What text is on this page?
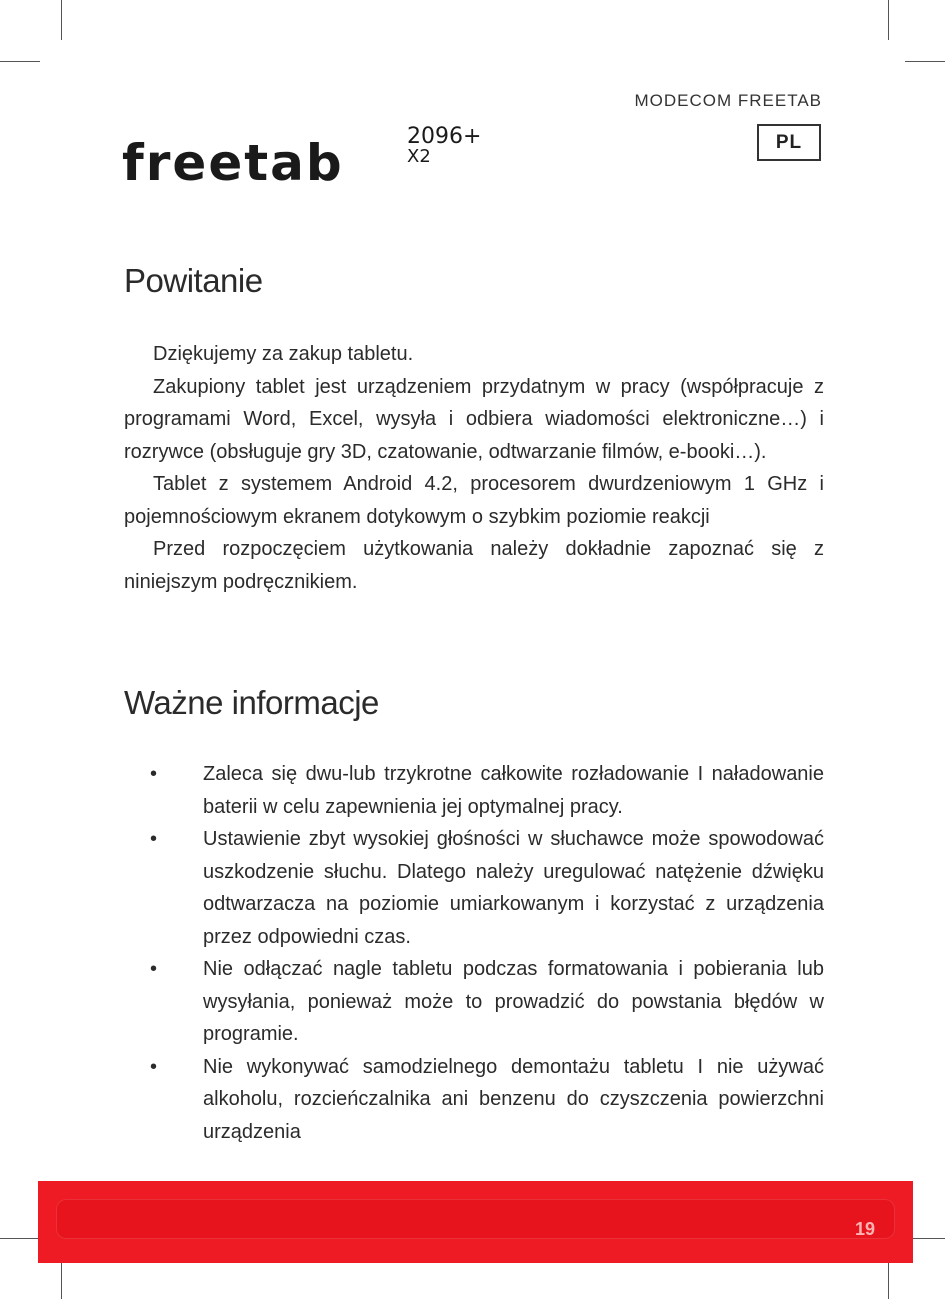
MODECOM FREETAB
PL
freetab	2096+
X2
Powitanie

Dziękujemy za zakup tabletu.

Zakupiony tablet jest urządzeniem przydatnym w pracy (współpracuje z programami Word, Excel, wysyła i odbiera wiadomości elektroniczne…) i rozrywce (obsługuje gry 3D, czatowanie, odtwarzanie filmów, e-booki…).

Tablet z systemem Android 4.2, procesorem dwurdzeniowym 1 GHz i pojemnościowym ekranem dotykowym o szybkim poziomie reakcji

Przed rozpoczęciem użytkowania należy dokładnie zapoznać się z niniejszym podręcznikiem.

Ważne informacje
• Zaleca się dwu-lub trzykrotne całkowite rozładowanie I naładowanie baterii w celu zapewnienia jej optymalnej pracy.
• Ustawienie zbyt wysokiej głośności w słuchawce może spowodować uszkodzenie słuchu. Dlatego należy uregulować natężenie dźwięku odtwarzacza na poziomie umiarkowanym i korzystać z urządzenia przez odpowiedni czas.
• Nie odłączać nagle tabletu podczas formatowania i pobierania lub wysyłania, ponieważ może to prowadzić do powstania błędów w programie.
• Nie wykonywać samodzielnego demontażu tabletu I nie używać alkoholu, rozcieńczalnika ani benzenu do czyszczenia powierzchni urządzenia
19
